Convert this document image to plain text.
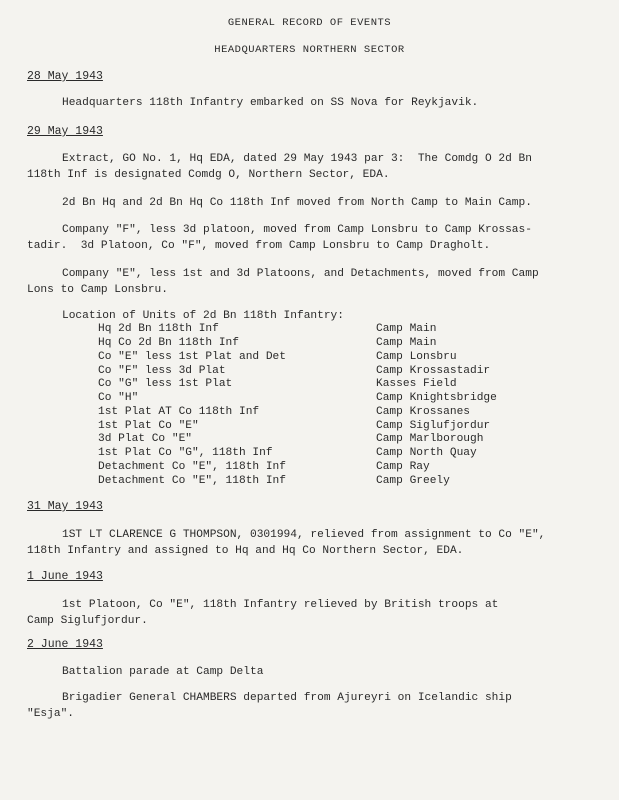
GENERAL RECORD OF EVENTS
HEADQUARTERS NORTHERN SECTOR
28 May 1943
Headquarters 118th Infantry embarked on SS Nova for Reykjavik.
29 May 1943
Extract, GO No. 1, Hq EDA, dated 29 May 1943 par 3:  The Comdg O 2d Bn
118th Inf is designated Comdg O, Northern Sector, EDA.
2d Bn Hq and 2d Bn Hq Co 118th Inf moved from North Camp to Main Camp.
Company "F", less 3d platoon, moved from Camp Lonsbru to Camp Krossas-
tadir.  3d Platoon, Co "F", moved from Camp Lonsbru to Camp Dragholt.
Company "E", less 1st and 3d Platoons, and Detachments, moved from Camp
Lons to Camp Lonsbru.
Location of Units of 2d Bn 118th Infantry:
Hq 2d Bn 118th Inf	Camp Main
Hq Co 2d Bn 118th Inf	Camp Main
Co "E" less 1st Plat and Det	Camp Lonsbru
Co "F" less 3d Plat	Camp Krossastadir
Co "G" less 1st Plat	Kasses Field
Co "H"	Camp Knightsbridge
1st Plat AT Co 118th Inf	Camp Krossanes
1st Plat Co "E"	Camp Siglufjordur
3d Plat Co "E"	Camp Marlborough
1st Plat Co "G", 118th Inf	Camp North Quay
Detachment Co "E", 118th Inf	Camp Ray
Detachment Co "E", 118th Inf	Camp Greely
31 May 1943
1ST LT CLARENCE G THOMPSON, 0301994, relieved from assignment to Co "E",
118th Infantry and assigned to Hq and Hq Co Northern Sector, EDA.
1 June 1943
1st Platoon, Co "E", 118th Infantry relieved by British troops at
Camp Siglufjordur.
2 June 1943
Battalion parade at Camp Delta
Brigadier General CHAMBERS departed from Ajureyri on Icelandic ship
"Esja".
